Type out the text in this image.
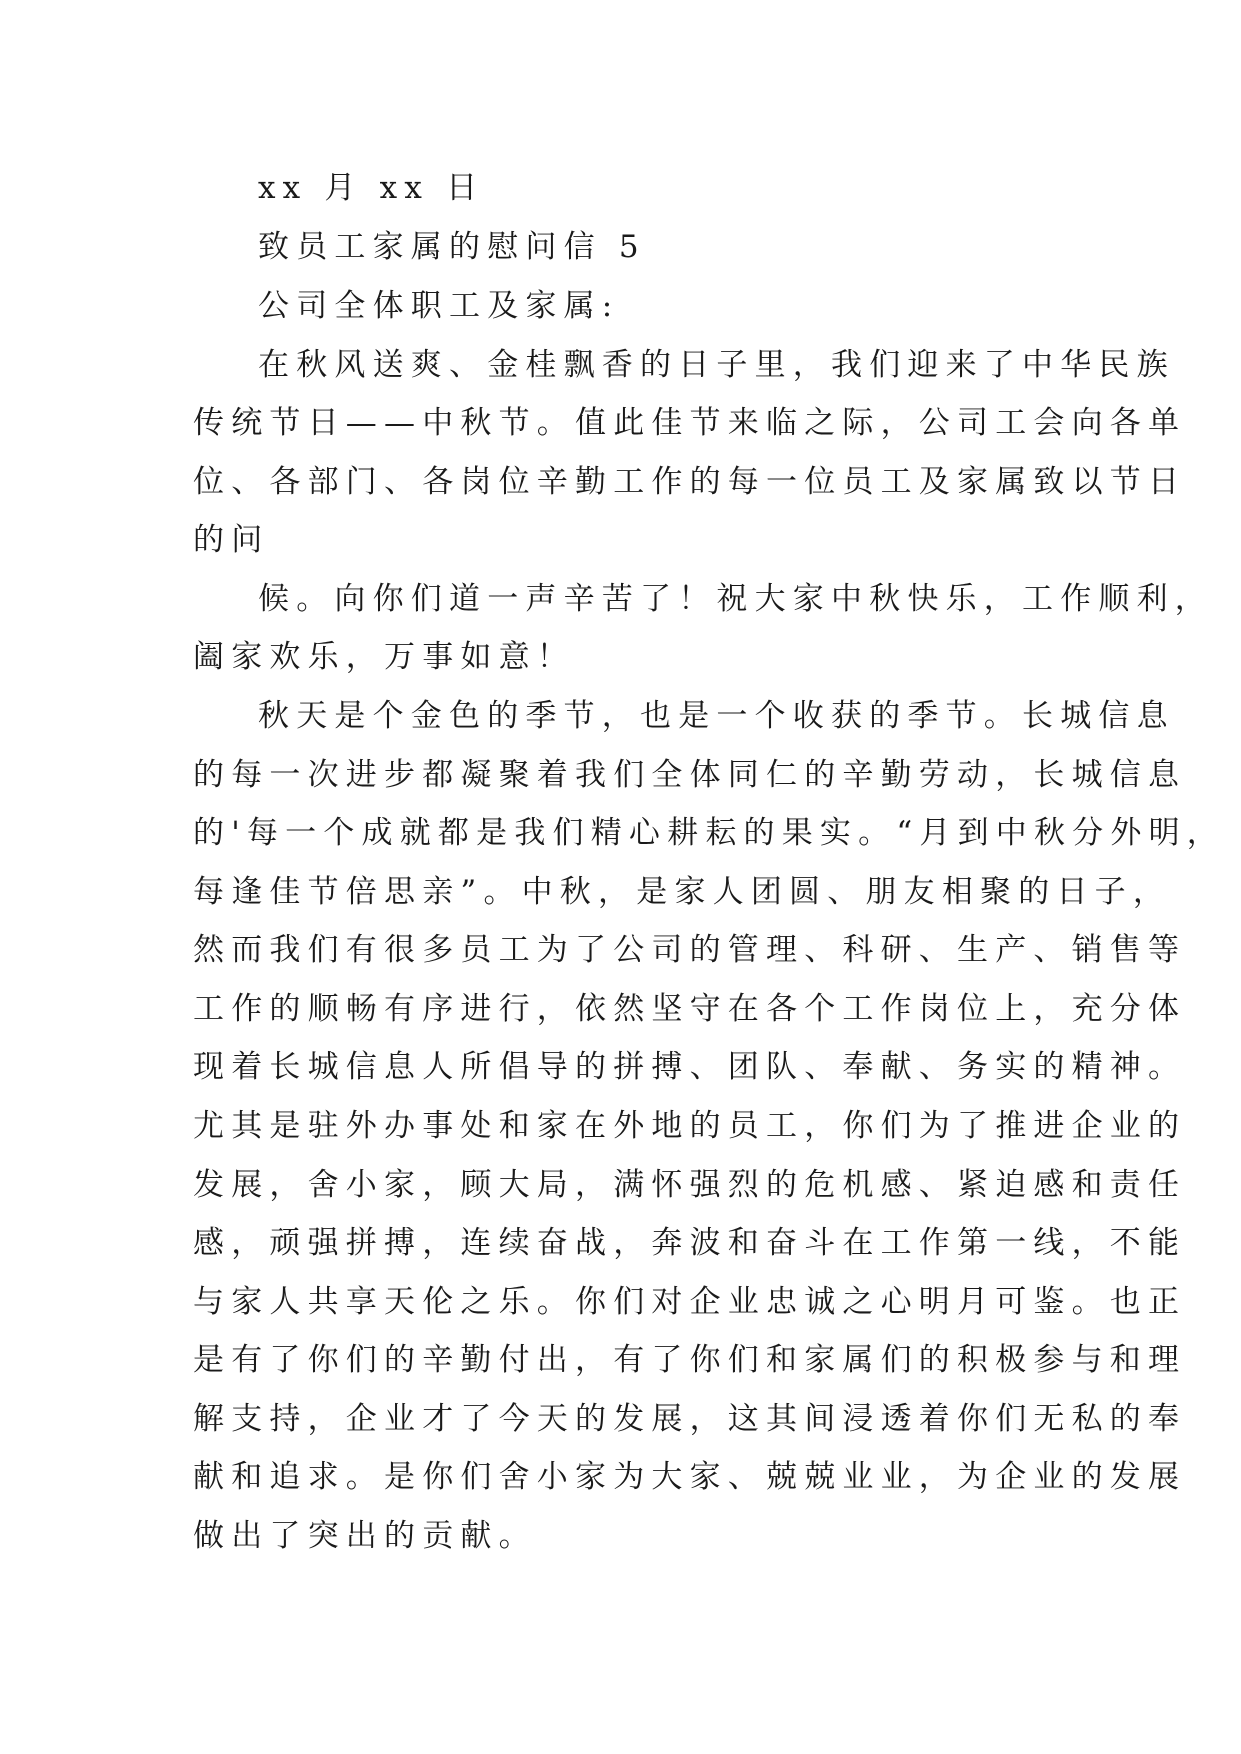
xx 月 xx 日
致员工家属的慰问信 5
公司全体职工及家属:
在秋风送爽、金桂飘香的日子里，我们迎来了中华民族
传统节日——中秋节。值此佳节来临之际，公司工会向各单
位、各部门、各岗位辛勤工作的每一位员工及家属致以节日
的问
候。向你们道一声辛苦了！祝大家中秋快乐，工作顺利，
阖家欢乐，万事如意！
秋天是个金色的季节，也是一个收获的季节。长城信息
的每一次进步都凝聚着我们全体同仁的辛勤劳动，长城信息
的'每一个成就都是我们精心耕耘的果实。“月到中秋分外明，
每逢佳节倍思亲”。中秋，是家人团圆、朋友相聚的日子，
然而我们有很多员工为了公司的管理、科研、生产、销售等
工作的顺畅有序进行，依然坚守在各个工作岗位上，充分体
现着长城信息人所倡导的拼搏、团队、奉献、务实的精神。
尤其是驻外办事处和家在外地的员工，你们为了推进企业的
发展，舍小家，顾大局，满怀强烈的危机感、紧迫感和责任
感，顽强拼搏，连续奋战，奔波和奋斗在工作第一线，不能
与家人共享天伦之乐。你们对企业忠诚之心明月可鉴。也正
是有了你们的辛勤付出，有了你们和家属们的积极参与和理
解支持，企业才了今天的发展，这其间浸透着你们无私的奉
献和追求。是你们舍小家为大家、兢兢业业，为企业的发展
做出了突出的贡献。
